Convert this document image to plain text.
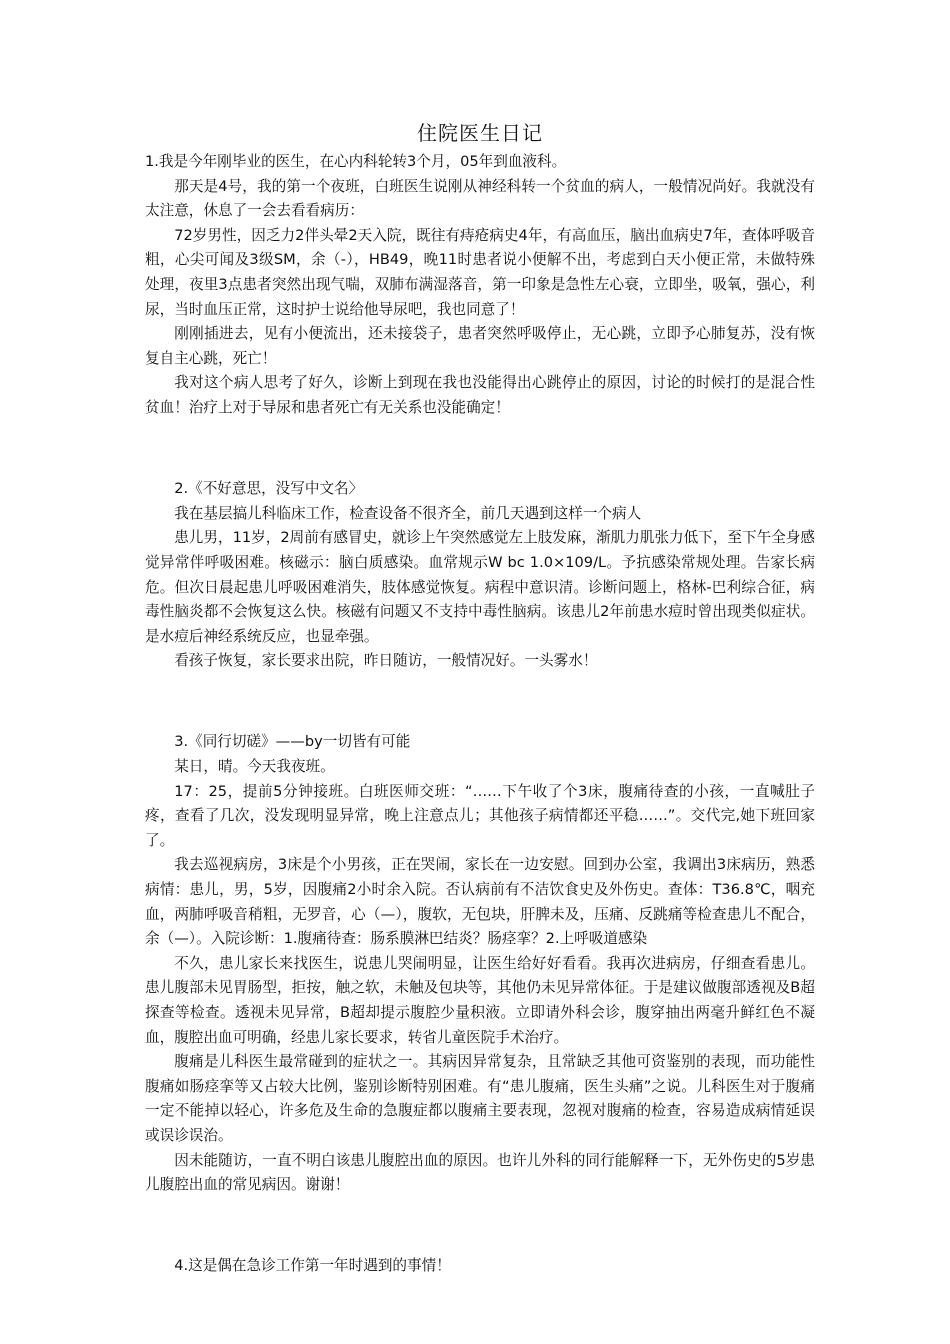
住院医生日记

1.我是今年刚毕业的医生，在心内科轮转3个月，05年到血液科。

那天是4号，我的第一个夜班，白班医生说刚从神经科转一个贫血的病人，一般情况尚好。我就没有太注意，休息了一会去看看病历：

72岁男性，因乏力2伴头晕2天入院，既往有痔疮病史4年，有高血压，脑出血病史7年，查体呼吸音粗，心尖可闻及3级SM，余（-），HB49，晚11时患者说小便解不出，考虑到白天小便正常，未做特殊处理，夜里3点患者突然出现气喘，双肺布满湿落音，第一印象是急性左心衰，立即坐，吸氧，强心，利尿，当时血压正常，这时护士说给他导尿吧，我也同意了！

刚刚插进去，见有小便流出，还未接袋子，患者突然呼吸停止，无心跳，立即予心肺复苏，没有恢复自主心跳，死亡！

我对这个病人思考了好久，诊断上到现在我也没能得出心跳停止的原因，讨论的时候打的是混合性贫血！治疗上对于导尿和患者死亡有无关系也没能确定！

2.《不好意思，没写中文名〉

我在基层搞儿科临床工作，检查设备不很齐全，前几天遇到这样一个病人

患儿男，11岁，2周前有感冒史，就诊上午突然感觉左上肢发麻，渐肌力肌张力低下，至下午全身感觉异常伴呼吸困难。核磁示：脑白质感染。血常规示W bc 1.0×109/L。予抗感染常规处理。告家长病危。但次日晨起患儿呼吸困难消失，肢体感觉恢复。病程中意识清。诊断问题上，格林-巴利综合征，病毒性脑炎都不会恢复这么快。核磁有问题又不支持中毒性脑病。该患儿2年前患水痘时曾出现类似症状。是水痘后神经系统反应，也显牵强。

看孩子恢复，家长要求出院，昨日随访，一般情况好。一头雾水！

3.《同行切磋》——by一切皆有可能

某日，晴。今天我夜班。

17：25，提前5分钟接班。白班医师交班：“……下午收了个3床，腹痛待查的小孩，一直喊肚子疼，查看了几次，没发现明显异常，晚上注意点儿；其他孩子病情都还平稳……”。交代完,她下班回家了。

我去巡视病房，3床是个小男孩，正在哭闹，家长在一边安慰。回到办公室，我调出3床病历，熟悉病情：患儿，男，5岁，因腹痛2小时余入院。否认病前有不洁饮食史及外伤史。查体：T36.8℃，咽充血，两肺呼吸音稍粗，无罗音，心（—），腹软，无包块，肝脾未及，压痛、反跳痛等检查患儿不配合，余（—）。入院诊断：1.腹痛待查：肠系膜淋巴结炎？肠痉挛？2.上呼吸道感染

不久，患儿家长来找医生，说患儿哭闹明显，让医生给好好看看。我再次进病房，仔细查看患儿。患儿腹部未见胃肠型，拒按，触之软，未触及包块等，其他仍未见异常体征。于是建议做腹部透视及B超探查等检查。透视未见异常，B超却提示腹腔少量积液。立即请外科会诊，腹穿抽出两毫升鲜红色不凝血，腹腔出血可明确，经患儿家长要求，转省儿童医院手术治疗。

腹痛是儿科医生最常碰到的症状之一。其病因异常复杂，且常缺乏其他可资鉴别的表现，而功能性腹痛如肠痉挛等又占较大比例，鉴别诊断特别困难。有“患儿腹痛，医生头痛”之说。儿科医生对于腹痛一定不能掉以轻心，许多危及生命的急腹症都以腹痛主要表现，忽视对腹痛的检查，容易造成病情延误或误诊误治。

因未能随访，一直不明白该患儿腹腔出血的原因。也许儿外科的同行能解释一下，无外伤史的5岁患儿腹腔出血的常见病因。谢谢！

4.这是偶在急诊工作第一年时遇到的事情！
